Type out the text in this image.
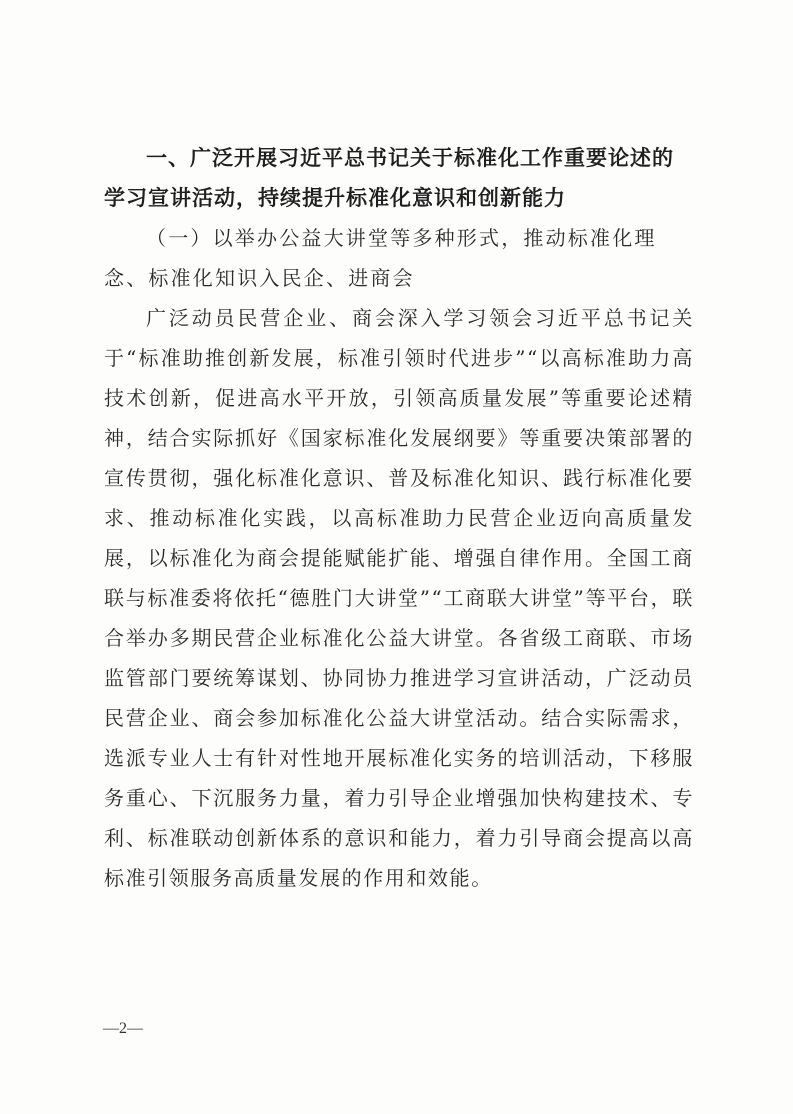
一、广泛开展习近平总书记关于标准化工作重要论述的学习宣讲活动，持续提升标准化意识和创新能力

（一）以举办公益大讲堂等多种形式，推动标准化理念、标准化知识入民企、进商会

广泛动员民营企业、商会深入学习领会习近平总书记关于“标准助推创新发展，标准引领时代进步”“以高标准助力高技术创新，促进高水平开放，引领高质量发展”等重要论述精神，结合实际抓好《国家标准化发展纲要》等重要决策部署的宣传贯彻，强化标准化意识、普及标准化知识、践行标准化要求、推动标准化实践，以高标准助力民营企业迈向高质量发展，以标准化为商会提能赋能扩能、增强自律作用。全国工商联与标准委将依托“德胜门大讲堂”“工商联大讲堂”等平台，联合举办多期民营企业标准化公益大讲堂。各省级工商联、市场监管部门要统筹谋划、协同协力推进学习宣讲活动，广泛动员民营企业、商会参加标准化公益大讲堂活动。结合实际需求，选派专业人士有针对性地开展标准化实务的培训活动，下移服务重心、下沉服务力量，着力引导企业增强加快构建技术、专利、标准联动创新体系的意识和能力，着力引导商会提高以高标准引领服务高质量发展的作用和效能。

—2—
